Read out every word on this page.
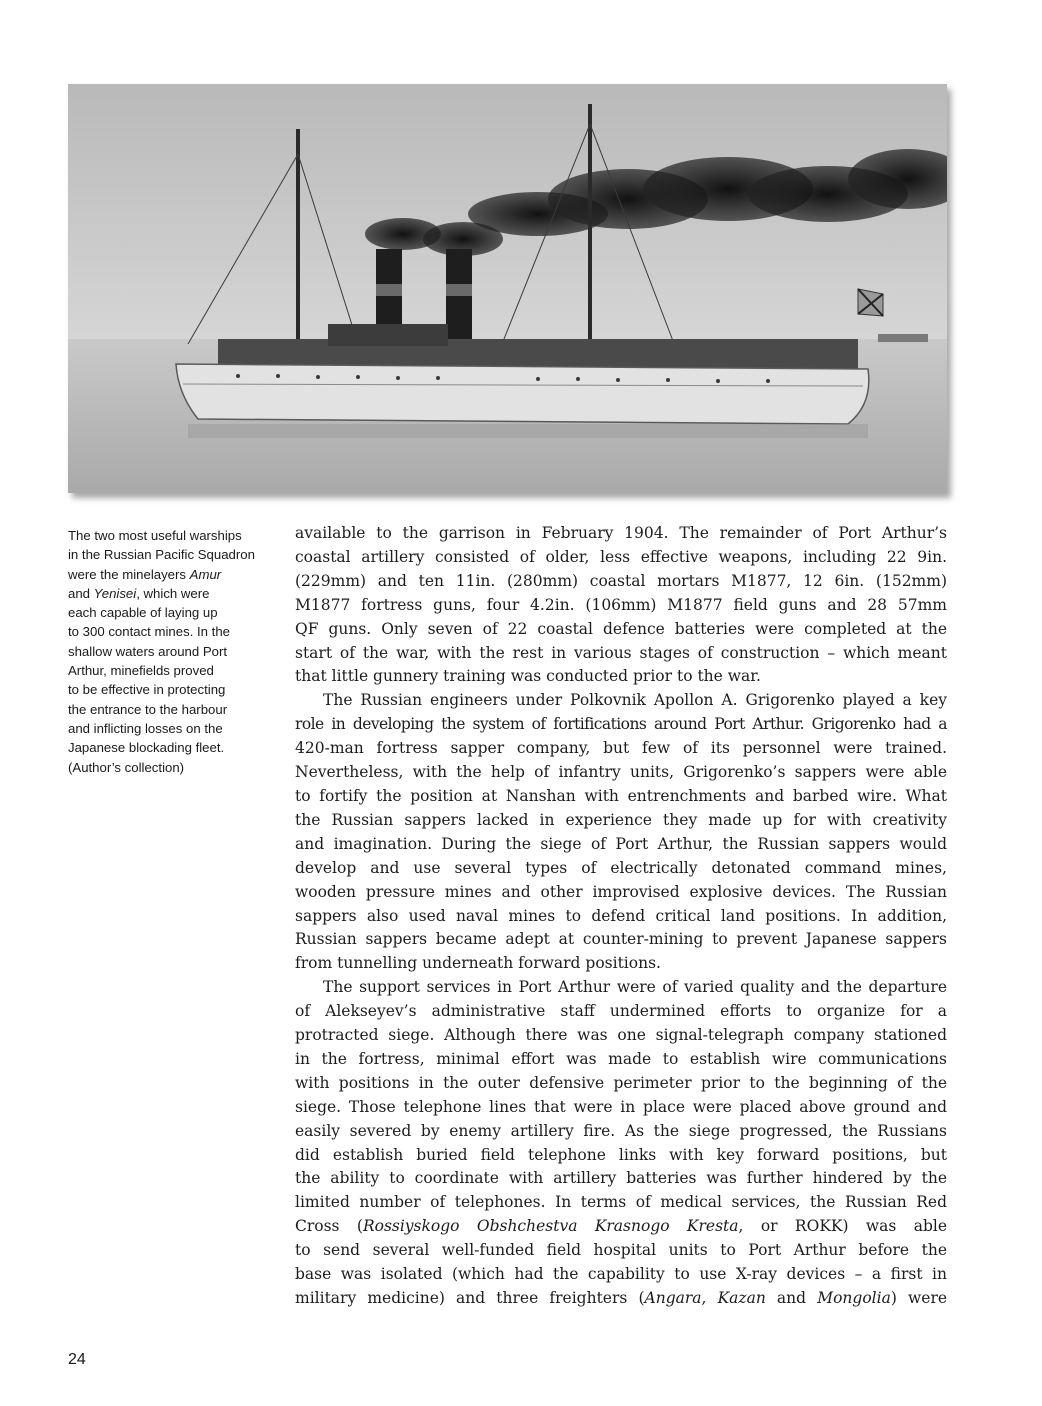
The two most useful warships

in the Russian Pacific Squadron

were the minelayers Amur

and Yenisei, which were

each capable of laying up

to 300 contact mines. In the

shallow waters around Port

Arthur, minefields proved

to be effective in protecting

the entrance to the harbour

and inflicting losses on the

Japanese blockading fleet.

(Author’s collection)

available to the garrison in February 1904. The remainder of Port Arthur’s
coastal artillery consisted of older, less effective weapons, including 22 9in.
(229mm) and ten 11in. (280mm) coastal mortars M1877, 12 6in. (152mm)
M1877 fortress guns, four 4.2in. (106mm) M1877 field guns and 28 57mm
QF guns. Only seven of 22 coastal defence batteries were completed at the
start of the war, with the rest in various stages of construction – which meant
that little gunnery training was conducted prior to the war.
The Russian engineers under Polkovnik Apollon A. Grigorenko played a key
role in developing the system of fortifications around Port Arthur. Grigorenko had a
420-man fortress sapper company, but few of its personnel were trained.
Nevertheless, with the help of infantry units, Grigorenko’s sappers were able
to fortify the position at Nanshan with entrenchments and barbed wire. What
the Russian sappers lacked in experience they made up for with creativity
and imagination. During the siege of Port Arthur, the Russian sappers would
develop and use several types of electrically detonated command mines,
wooden pressure mines and other improvised explosive devices. The Russian
sappers also used naval mines to defend critical land positions. In addition,
Russian sappers became adept at counter-mining to prevent Japanese sappers
from tunnelling underneath forward positions.
The support services in Port Arthur were of varied quality and the departure
of Alekseyev’s administrative staff undermined efforts to organize for a
protracted siege. Although there was one signal-telegraph company stationed
in the fortress, minimal effort was made to establish wire communications
with positions in the outer defensive perimeter prior to the beginning of the
siege. Those telephone lines that were in place were placed above ground and
easily severed by enemy artillery fire. As the siege progressed, the Russians
did establish buried field telephone links with key forward positions, but
the ability to coordinate with artillery batteries was further hindered by the
limited number of telephones. In terms of medical services, the Russian Red
Cross (Rossiyskogo Obshchestva Krasnogo Kresta, or ROKK) was able
to send several well-funded field hospital units to Port Arthur before the
base was isolated (which had the capability to use X-ray devices – a first in
military medicine) and three freighters (Angara, Kazan and Mongolia) were
24
